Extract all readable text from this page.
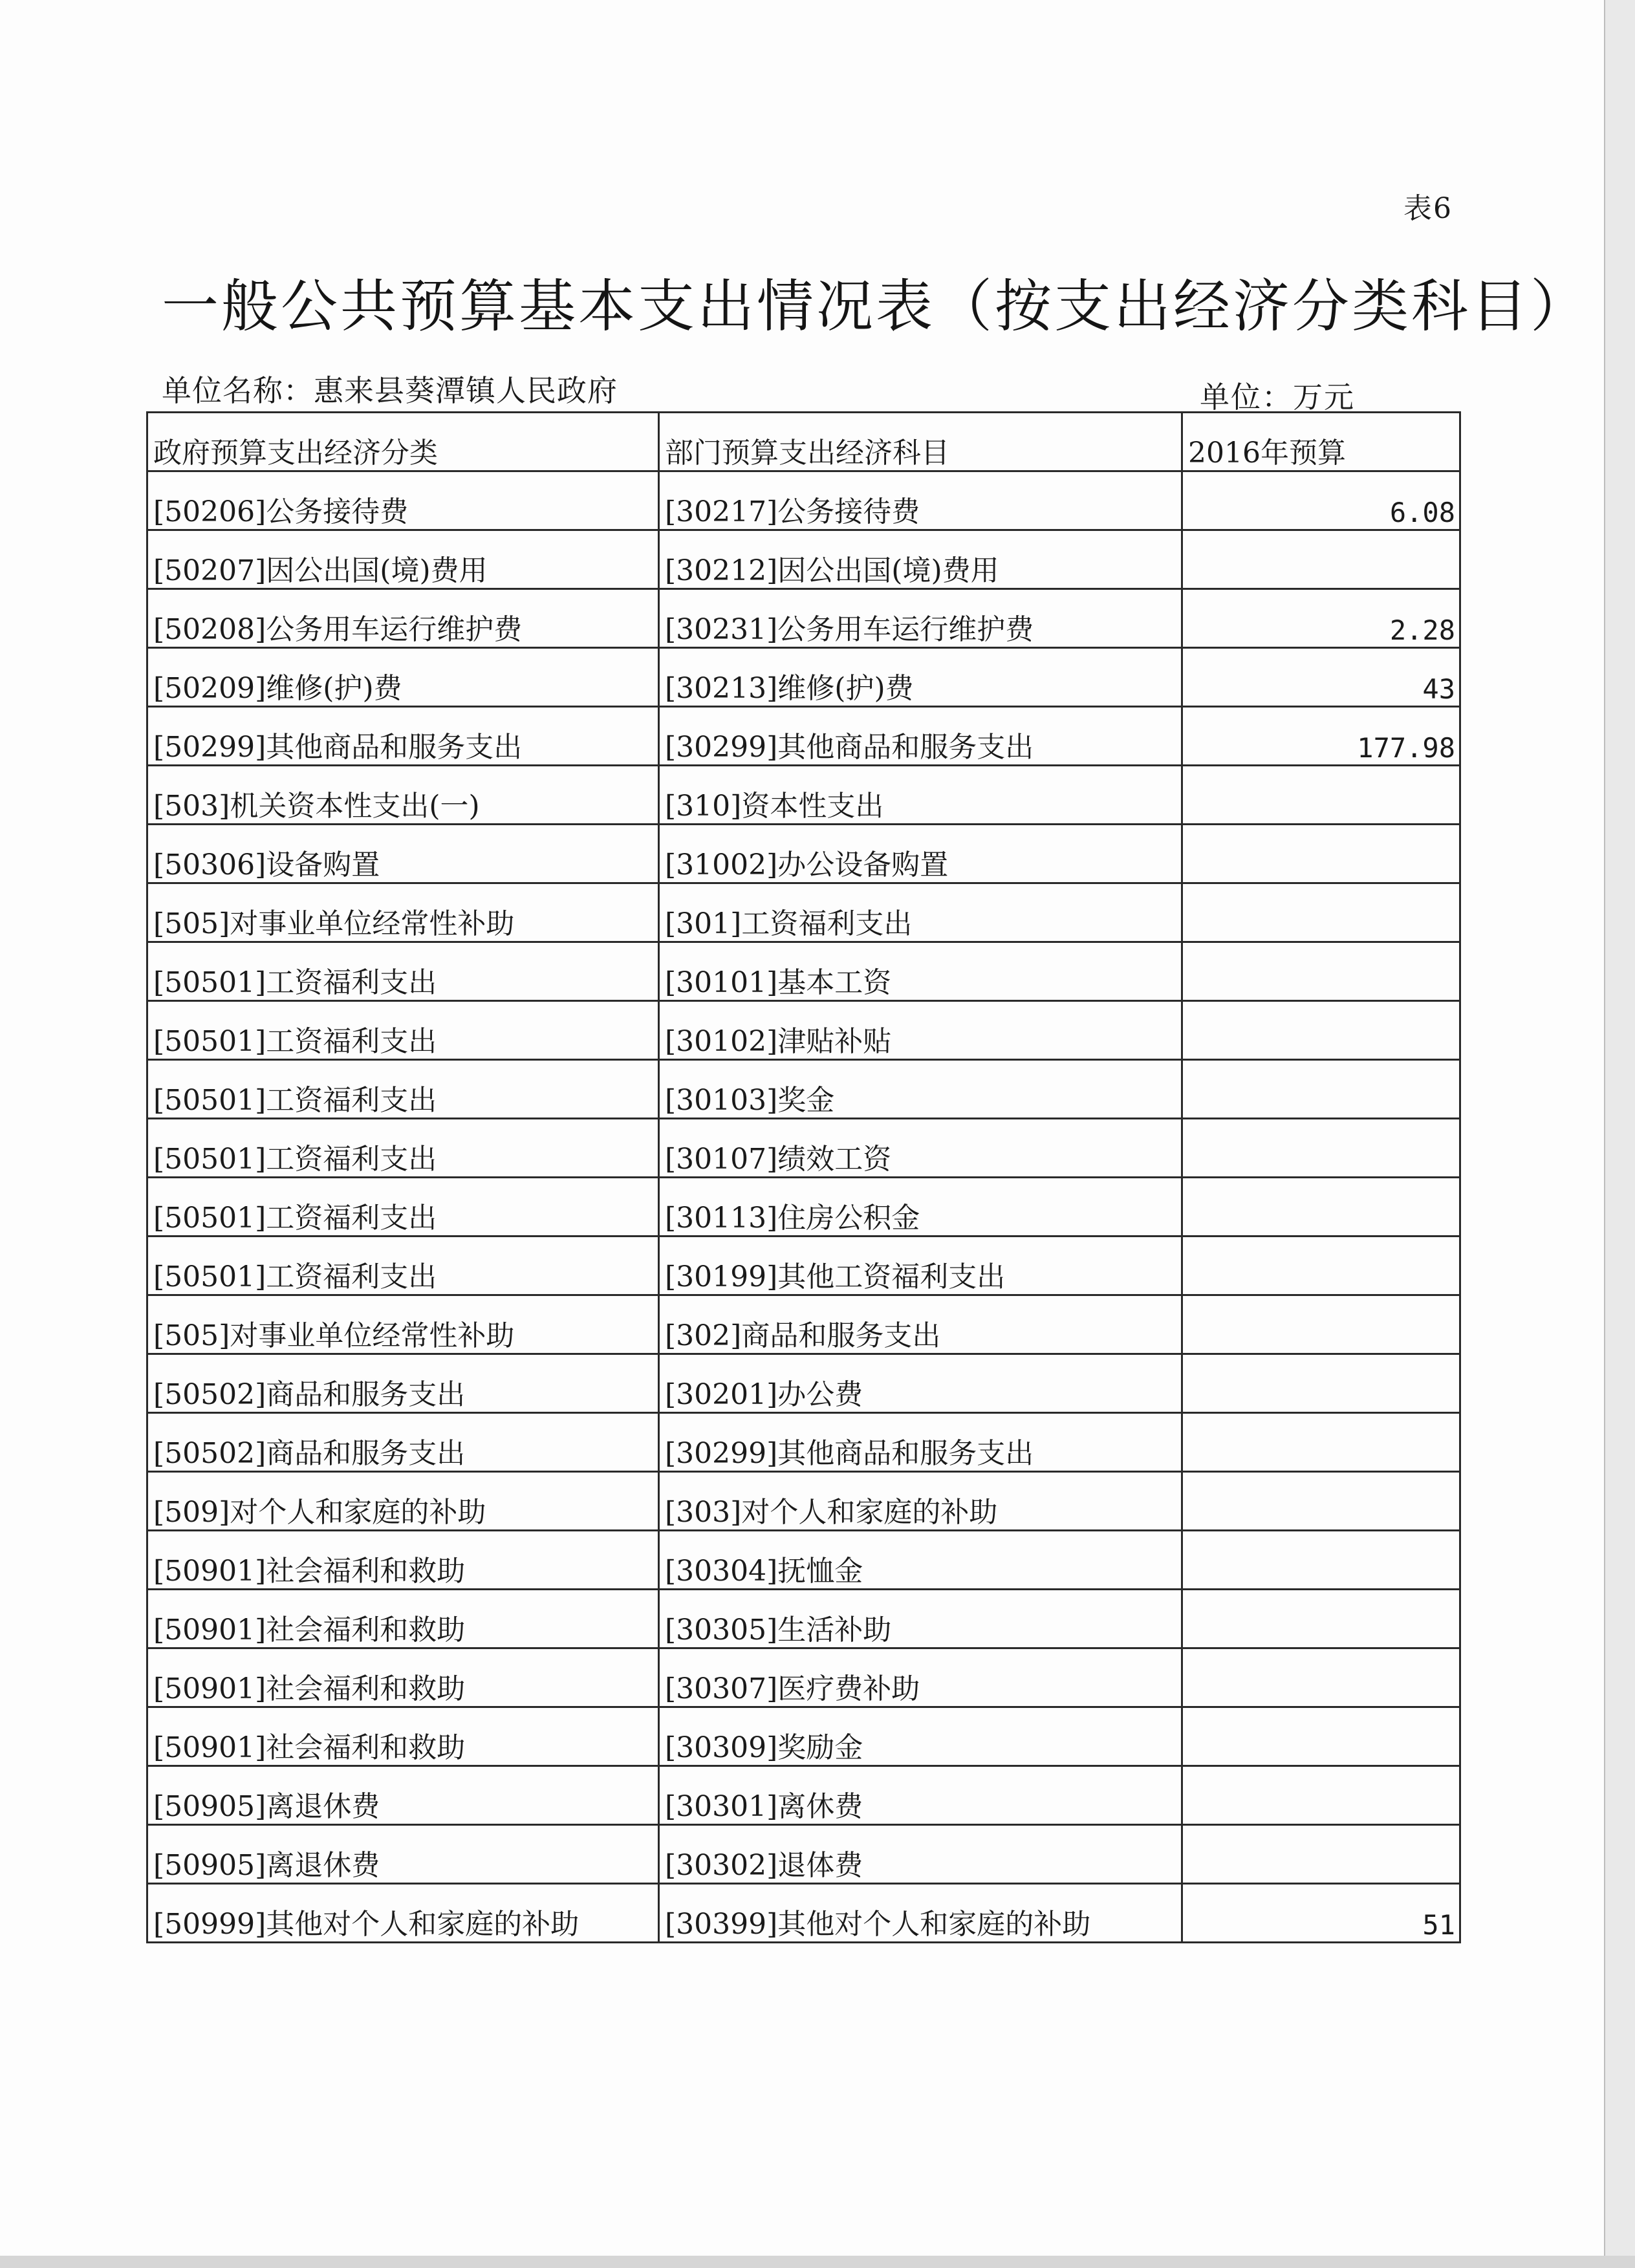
表6
一般公共预算基本支出情况表（按支出经济分类科目）
单位名称：惠来县葵潭镇人民政府	单位：万元
政府预算支出经济分类	部门预算支出经济科目	2016年预算
[50206]公务接待费	[30217]公务接待费	6.08
[50207]因公出国(境)费用	[30212]因公出国(境)费用	
[50208]公务用车运行维护费	[30231]公务用车运行维护费	2.28
[50209]维修(护)费	[30213]维修(护)费	43
[50299]其他商品和服务支出	[30299]其他商品和服务支出	177.98
[503]机关资本性支出(一)	[310]资本性支出	
[50306]设备购置	[31002]办公设备购置	
[505]对事业单位经常性补助	[301]工资福利支出	
[50501]工资福利支出	[30101]基本工资	
[50501]工资福利支出	[30102]津贴补贴	
[50501]工资福利支出	[30103]奖金	
[50501]工资福利支出	[30107]绩效工资	
[50501]工资福利支出	[30113]住房公积金	
[50501]工资福利支出	[30199]其他工资福利支出	
[505]对事业单位经常性补助	[302]商品和服务支出	
[50502]商品和服务支出	[30201]办公费	
[50502]商品和服务支出	[30299]其他商品和服务支出	
[509]对个人和家庭的补助	[303]对个人和家庭的补助	
[50901]社会福利和救助	[30304]抚恤金	
[50901]社会福利和救助	[30305]生活补助	
[50901]社会福利和救助	[30307]医疗费补助	
[50901]社会福利和救助	[30309]奖励金	
[50905]离退休费	[30301]离休费	
[50905]离退休费	[30302]退体费	
[50999]其他对个人和家庭的补助	[30399]其他对个人和家庭的补助	51
